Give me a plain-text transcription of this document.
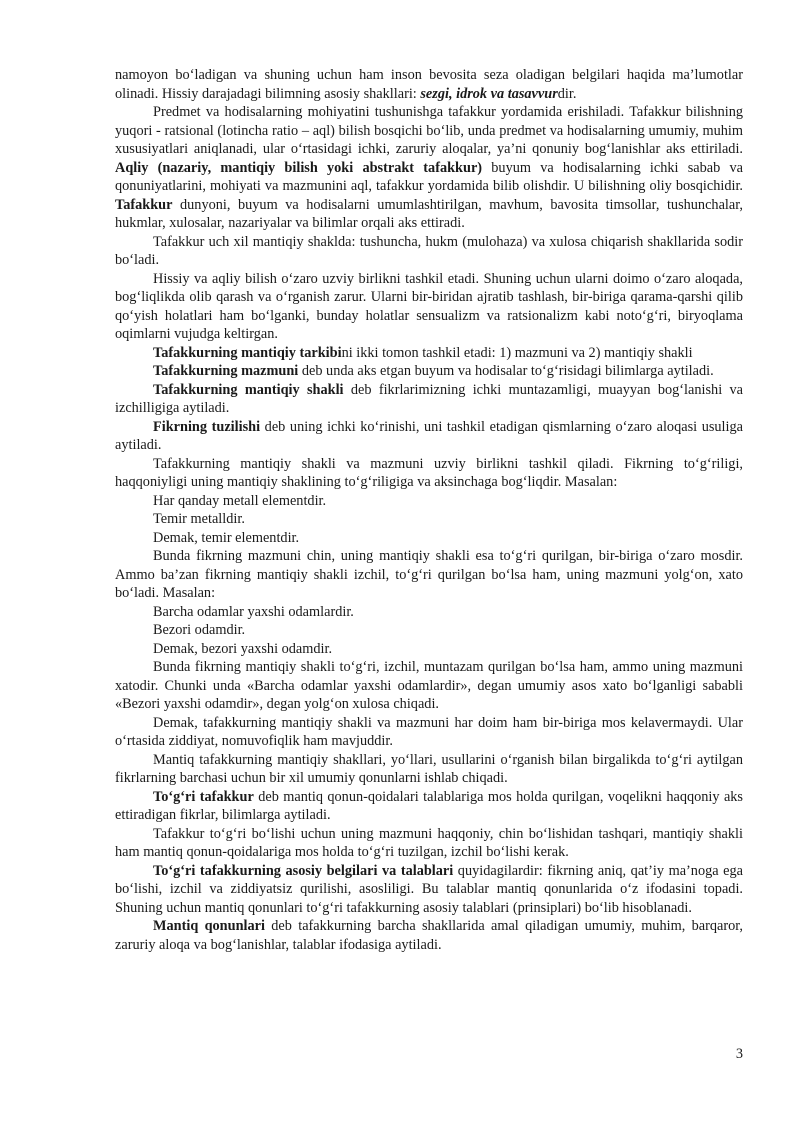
namoyon bo‘ladigan va shuning uchun ham inson bevosita seza oladigan belgilari haqida ma’lumotlar olinadi. Hissiy darajadagi bilimning asosiy shakllari: sezgi, idrok va tasavvurdir.

Predmet va hodisalarning mohiyatini tushunishga tafakkur yordamida erishiladi. Tafakkur bilishning yuqori - ratsional (lotincha ratio – aql) bilish bosqichi bo‘lib, unda predmet va hodisalarning umumiy, muhim xususiyatlari aniqlanadi, ular o‘rtasidagi ichki, zaruriy aloqalar, ya’ni qonuniy bog‘lanishlar aks ettiriladi. Aqliy (nazariy, mantiqiy bilish yoki abstrakt tafakkur) buyum va hodisalarning ichki sabab va qonuniyatlarini, mohiyati va mazmunini aql, tafakkur yordamida bilib olishdir. U bilishning oliy bosqichidir. Tafakkur dunyoni, buyum va hodisalarni umumlashtirilgan, mavhum, bavosita timsollar, tushunchalar, hukmlar, xulosalar, nazariyalar va bilimlar orqali aks ettiradi.

Tafakkur uch xil mantiqiy shaklda: tushuncha, hukm (mulohaza) va xulosa chiqarish shakllarida sodir bo‘ladi.

Hissiy va aqliy bilish o‘zaro uzviy birlikni tashkil etadi. Shuning uchun ularni doimo o‘zaro aloqada, bog‘liqlikda olib qarash va o‘rganish zarur. Ularni bir-biridan ajratib tashlash, bir-biriga qarama-qarshi qilib qo‘yish holatlari ham bo‘lganki, bunday holatlar sensualizm va ratsionalizm kabi noto‘g‘ri, biryoqlama oqimlarni vujudga keltirgan.

Tafakkurning mantiqiy tarkibini ikki tomon tashkil etadi: 1) mazmuni va 2) mantiqiy shakli

Tafakkurning mazmuni deb unda aks etgan buyum va hodisalar to‘g‘risidagi bilimlarga aytiladi.

Tafakkurning mantiqiy shakli deb fikrlarimizning ichki muntazamligi, muayyan bog‘lanishi va izchilligiga aytiladi.

Fikrning tuzilishi deb uning ichki ko‘rinishi, uni tashkil etadigan qismlarning o‘zaro aloqasi usuliga aytiladi.

Tafakkurning mantiqiy shakli va mazmuni uzviy birlikni tashkil qiladi. Fikrning to‘g‘riligi, haqqoniyligi uning mantiqiy shaklining to‘g‘riligiga va aksinchaga bog‘liqdir. Masalan:

Har qanday metall elementdir.

Temir metalldir.

Demak, temir elementdir.

Bunda fikrning mazmuni chin, uning mantiqiy shakli esa to‘g‘ri qurilgan, bir-biriga o‘zaro mosdir. Ammo ba’zan fikrning mantiqiy shakli izchil, to‘g‘ri qurilgan bo‘lsa ham, uning mazmuni yolg‘on, xato bo‘ladi. Masalan:

Barcha odamlar yaxshi odamlardir.

Bezori odamdir.

Demak, bezori yaxshi odamdir.

Bunda fikrning mantiqiy shakli to‘g‘ri, izchil, muntazam qurilgan bo‘lsa ham, ammo uning mazmuni xatodir. Chunki unda «Barcha odamlar yaxshi odamlardir», degan umumiy asos xato bo‘lganligi sababli «Bezori yaxshi odamdir», degan yolg‘on xulosa chiqadi.

Demak, tafakkurning mantiqiy shakli va mazmuni har doim ham bir-biriga mos kelavermaydi. Ular o‘rtasida ziddiyat, nomuvofiqlik ham mavjuddir.

Mantiq tafakkurning mantiqiy shakllari, yo‘llari, usullarini o‘rganish bilan birgalikda to‘g‘ri aytilgan fikrlarning barchasi uchun bir xil umumiy qonunlarni ishlab chiqadi.

To‘g‘ri tafakkur deb mantiq qonun-qoidalari talablariga mos holda qurilgan, voqelikni haqqoniy aks ettiradigan fikrlar, bilimlarga aytiladi.

Tafakkur to‘g‘ri bo‘lishi uchun uning mazmuni haqqoniy, chin bo‘lishidan tashqari, mantiqiy shakli ham mantiq qonun-qoidalariga mos holda to‘g‘ri tuzilgan, izchil bo‘lishi kerak.

To‘g‘ri tafakkurning asosiy belgilari va talablari quyidagilardir: fikrning aniq, qat’iy ma’noga ega bo‘lishi, izchil va ziddiyatsiz qurilishi, asosliligi. Bu talablar mantiq qonunlarida o‘z ifodasini topadi. Shuning uchun mantiq qonunlari to‘g‘ri tafakkurning asosiy talablari (prinsiplari) bo‘lib hisoblanadi.

Mantiq qonunlari deb tafakkurning barcha shakllarida amal qiladigan umumiy, muhim, barqaror, zaruriy aloqa va bog‘lanishlar, talablar ifodasiga aytiladi.

3
